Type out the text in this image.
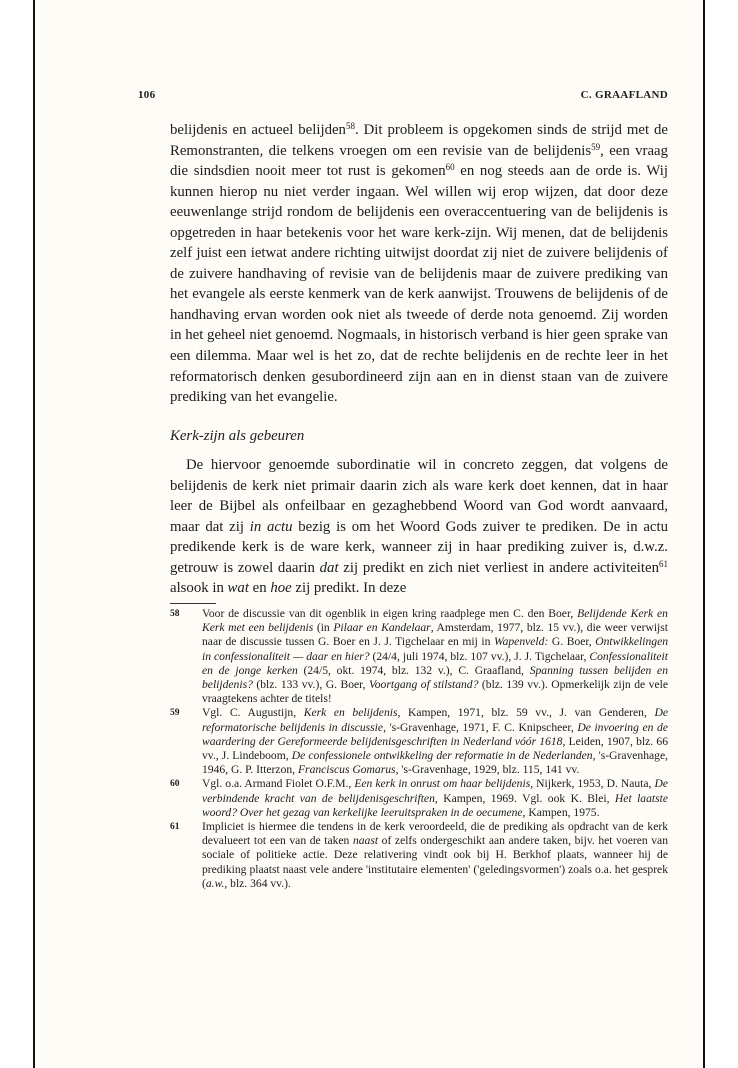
106	C. GRAAFLAND

belijdenis en actueel belijden$^{58}$. Dit probleem is opgekomen sinds de strijd met de Remonstranten, die telkens vroegen om een revisie van de belijdenis$^{59}$, een vraag die sindsdien nooit meer tot rust is gekomen$^{60}$ en nog steeds aan de orde is. Wij kunnen hierop nu niet verder ingaan. Wel willen wij erop wijzen, dat door deze eeuwenlange strijd rondom de belijdenis een overaccentuering van de belijdenis is opgetreden in haar betekenis voor het ware kerk-zijn. Wij menen, dat de belijdenis zelf juist een ietwat andere richting uitwijst doordat zij niet de zuivere belijdenis of de zuivere handhaving of revisie van de belijdenis maar de zuivere prediking van het evangele als eerste kenmerk van de kerk aanwijst. Trouwens de belijdenis of de handhaving ervan worden ook niet als tweede of derde nota genoemd. Zij worden in het geheel niet genoemd. Nogmaals, in historisch verband is hier geen sprake van een dilemma. Maar wel is het zo, dat de rechte belijdenis en de rechte leer in het reformatorisch denken gesubordineerd zijn aan en in dienst staan van de zuivere prediking van het evangelie.

Kerk-zijn als gebeuren

De hiervoor genoemde subordinatie wil in concreto zeggen, dat volgens de belijdenis de kerk niet primair daarin zich als ware kerk doet kennen, dat in haar leer de Bijbel als onfeilbaar en gezaghebbend Woord van God wordt aanvaard, maar dat zij in actu bezig is om het Woord Gods zuiver te prediken. De in actu predikende kerk is de ware kerk, wanneer zij in haar prediking zuiver is, d.w.z. getrouw is zowel daarin dat zij predikt en zich niet verliest in andere activiteiten$^{61}$ alsook in wat en hoe zij predikt. In deze

58 Voor de discussie van dit ogenblik in eigen kring raadplege men C. den Boer, Belijdende Kerk en Kerk met een belijdenis (in Pilaar en Kandelaar, Amsterdam, 1977, blz. 15 vv.), die weer verwijst naar de discussie tussen G. Boer en J. J. Tigchelaar en mij in Wapenveld: G. Boer, Ontwikkelingen in confessionaliteit — daar en hier? (24/4, juli 1974, blz. 107 vv.), J. J. Tigchelaar, Confessionaliteit en de jonge kerken (24/5, okt. 1974, blz. 132 v.), C. Graafland, Spanning tussen belijden en belijdenis? (blz. 133 vv.), G. Boer, Voortgang of stilstand? (blz. 139 vv.). Opmerkelijk zijn de vele vraagtekens achter de titels!

59 Vgl. C. Augustijn, Kerk en belijdenis, Kampen, 1971, blz. 59 vv., J. van Genderen, De reformatorische belijdenis in discussie, 's-Gravenhage, 1971, F. C. Knipscheer, De invoering en de waardering der Gereformeerde belijdenisgeschriften in Nederland vóór 1618, Leiden, 1907, blz. 66 vv., J. Lindeboom, De confessionele ontwikkeling der reformatie in de Nederlanden, 's-Gravenhage, 1946, G. P. Itterzon, Franciscus Gomarus, 's-Gravenhage, 1929, blz. 115, 141 vv.

60 Vgl. o.a. Armand Fiolet O.F.M., Een kerk in onrust om haar belijdenis, Nijkerk, 1953, D. Nauta, De verbindende kracht van de belijdenisgeschriften, Kampen, 1969. Vgl. ook K. Blei, Het laatste woord? Over het gezag van kerkelijke leeruitspraken in de oecumene, Kampen, 1975.

61 Impliciet is hiermee die tendens in de kerk veroordeeld, die de prediking als opdracht van de kerk devalueert tot een van de taken naast of zelfs ondergeschikt aan andere taken, bijv. het voeren van sociale of politieke actie. Deze relativering vindt ook bij H. Berkhof plaats, wanneer hij de prediking plaatst naast vele andere 'institutaire elementen' ('geledingsvormen') zoals o.a. het gesprek (a.w., blz. 364 vv.).
